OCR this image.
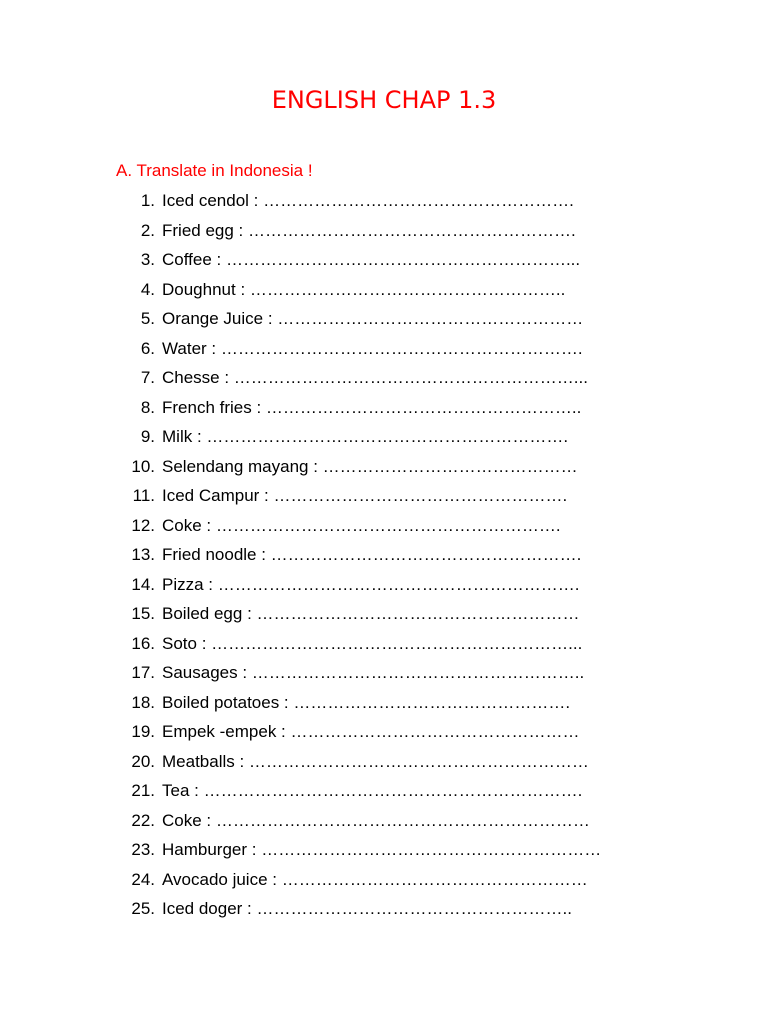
ENGLISH CHAP 1.3
A. Translate in Indonesia !
1. Iced cendol : ……………………………………………….
2. Fried egg : ………………………………………………….
3. Coffee : ……………………………………………………...
4. Doughnut : ………………………………………………..
5. Orange Juice : ………………………………………………
6. Water : ……………………………………………………….
7. Chesse : ……………………………………………………...
8. French fries : ………………………………………………..
9. Milk : ……………………………………………………….
10. Selendang mayang : ………………………………………
11. Iced Campur : …………………………………………….
12. Coke : …………………………………………………….
13. Fried noodle : ……………………………………………….
14. Pizza : ……………………………………………………….
15. Boiled egg : …………………………………………………
16. Soto : ………………………………………………………...
17. Sausages : …………………………………………………..
18. Boiled potatoes : ………………………………………….
19. Empek -empek : ……………………………………………
20. Meatballs : ……………………………………………………
21. Tea : ………………………………………………………….
22. Coke : …………………………………………………………
23. Hamburger : ……………………………………………………
24. Avocado juice : ………………………………………………
25. Iced doger : ………………………………………………..
